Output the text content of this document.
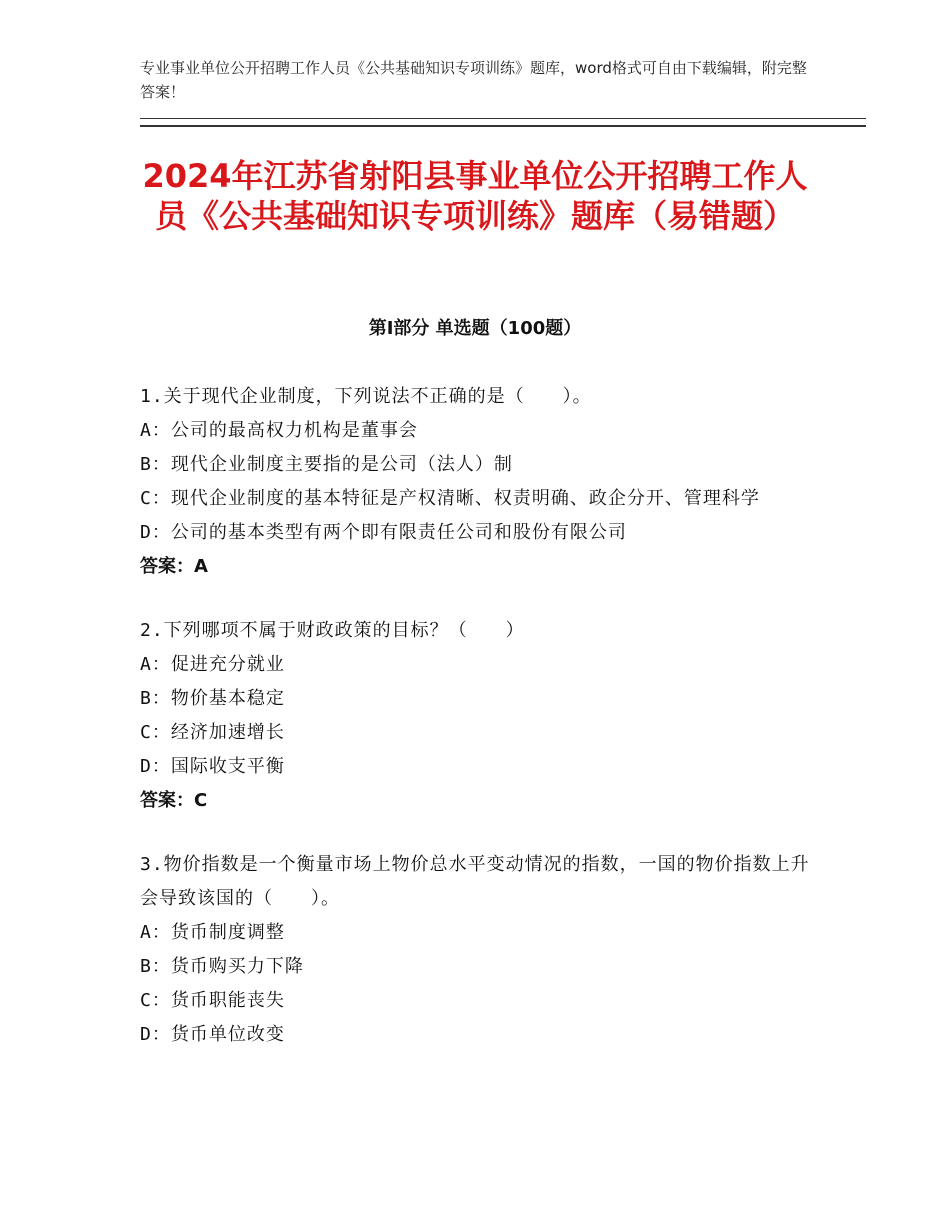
专业事业单位公开招聘工作人员《公共基础知识专项训练》题库，word格式可自由下载编辑，附完整答案！
2024年江苏省射阳县事业单位公开招聘工作人员《公共基础知识专项训练》题库（易错题）
第Ⅰ部分 单选题（100题）
1.关于现代企业制度，下列说法不正确的是（　　）。
A：公司的最高权力机构是董事会
B：现代企业制度主要指的是公司（法人）制
C：现代企业制度的基本特征是产权清晰、权责明确、政企分开、管理科学
D：公司的基本类型有两个即有限责任公司和股份有限公司
答案：A
2.下列哪项不属于财政政策的目标？（　　）
A：促进充分就业
B：物价基本稳定
C：经济加速增长
D：国际收支平衡
答案：C
3.物价指数是一个衡量市场上物价总水平变动情况的指数，一国的物价指数上升会导致该国的（　　）。
A：货币制度调整
B：货币购买力下降
C：货币职能丧失
D：货币单位改变
